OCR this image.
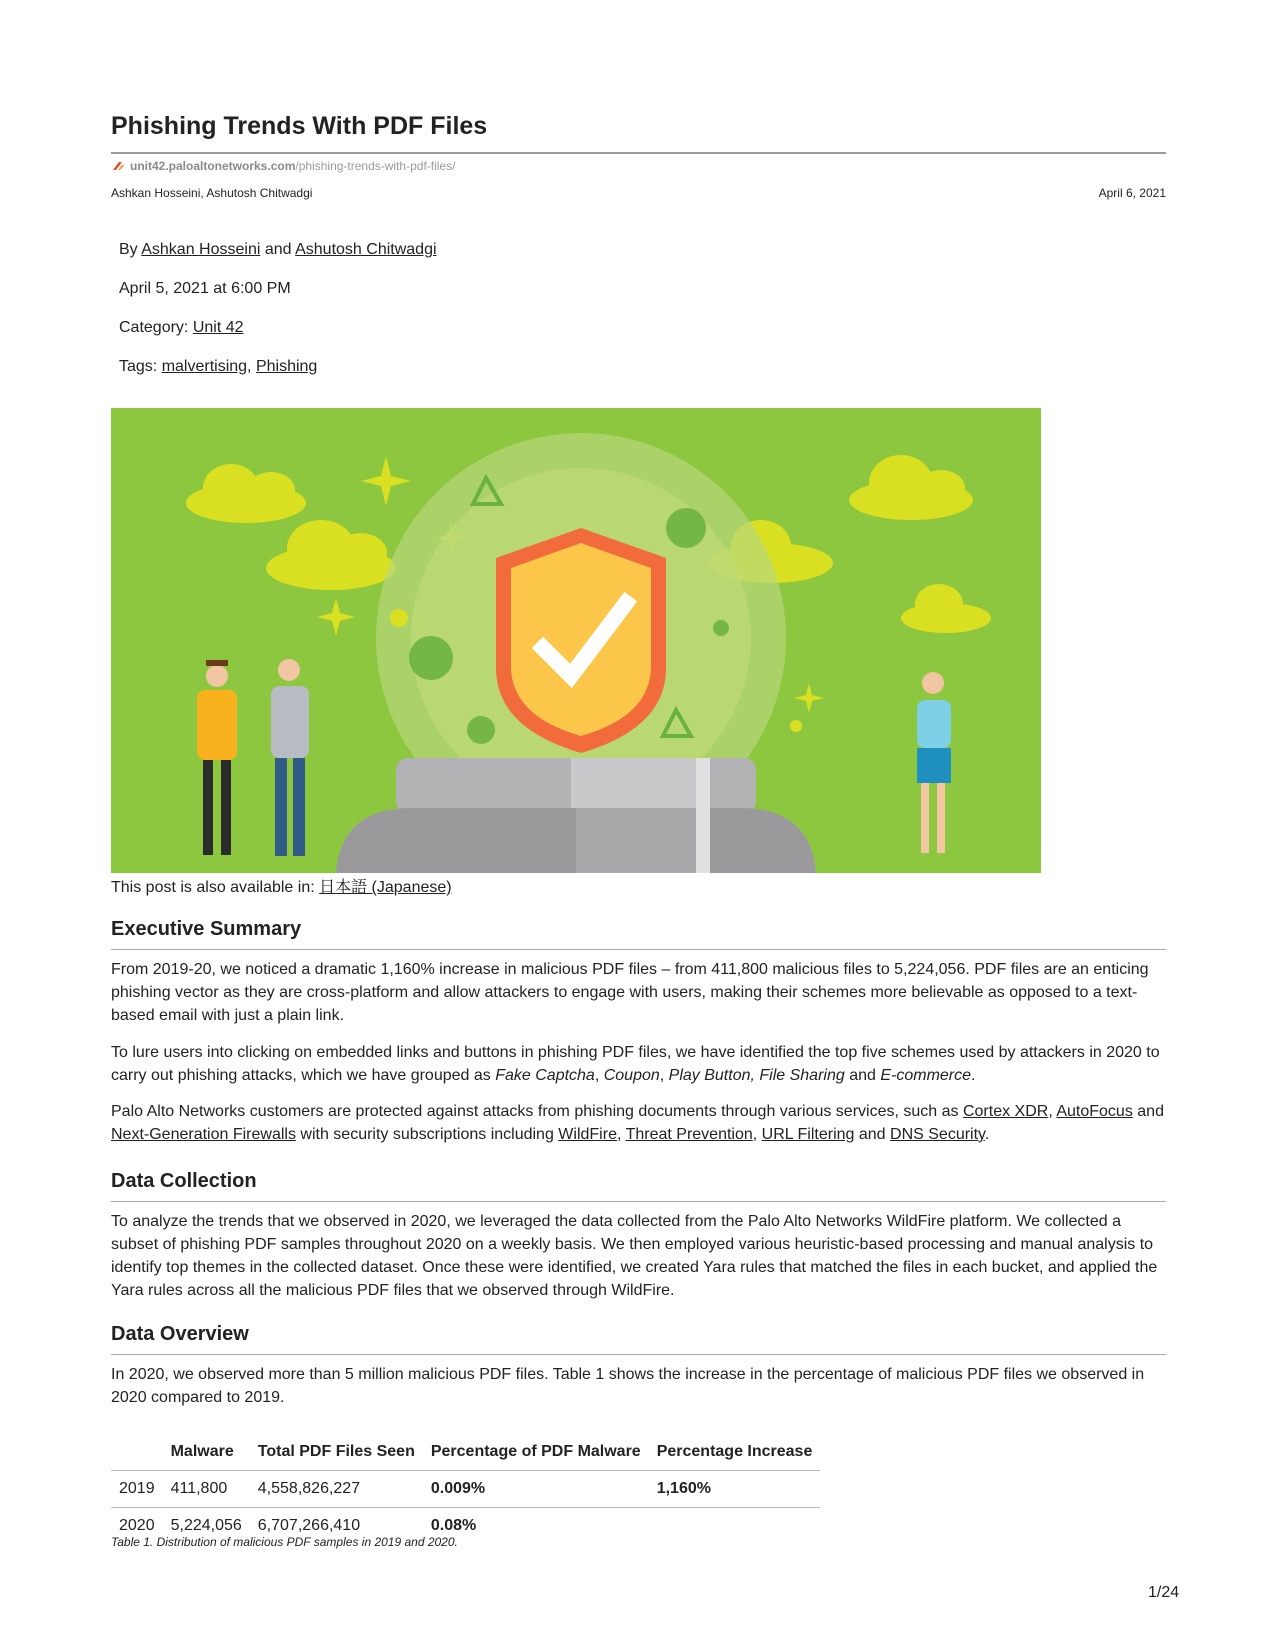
Phishing Trends With PDF Files
unit42.paloaltonetworks.com /phishing-trends-with-pdf-files/
Ashkan Hosseini, Ashutosh Chitwadgi	April 6, 2021
By Ashkan Hosseini and Ashutosh Chitwadgi
April 5, 2021 at 6:00 PM
Category: Unit 42
Tags: malvertising, Phishing
This post is also available in: 日本語 (Japanese)
Executive Summary

From 2019-20, we noticed a dramatic 1,160% increase in malicious PDF files – from 411,800 malicious files to 5,224,056. PDF files are an enticing phishing vector as they are cross-platform and allow attackers to engage with users, making their schemes more believable as opposed to a text-based email with just a plain link.

To lure users into clicking on embedded links and buttons in phishing PDF files, we have identified the top five schemes used by attackers in 2020 to carry out phishing attacks, which we have grouped as Fake Captcha, Coupon, Play Button, File Sharing and E-commerce.

Palo Alto Networks customers are protected against attacks from phishing documents through various services, such as Cortex XDR, AutoFocus and Next-Generation Firewalls with security subscriptions including WildFire, Threat Prevention, URL Filtering and DNS Security.

Data Collection

To analyze the trends that we observed in 2020, we leveraged the data collected from the Palo Alto Networks WildFire platform. We collected a subset of phishing PDF samples throughout 2020 on a weekly basis. We then employed various heuristic-based processing and manual analysis to identify top themes in the collected dataset. Once these were identified, we created Yara rules that matched the files in each bucket, and applied the Yara rules across all the malicious PDF files that we observed through WildFire.

Data Overview

In 2020, we observed more than 5 million malicious PDF files. Table 1 shows the increase in the percentage of malicious PDF files we observed in 2020 compared to 2019.

	Malware	Total PDF Files Seen	Percentage of PDF Malware	Percentage Increase
2019	411,800	4,558,826,227	0.009%	1,160%
2020	5,224,056	6,707,266,410	0.08%	
Table 1. Distribution of malicious PDF samples in 2019 and 2020.
1/24
